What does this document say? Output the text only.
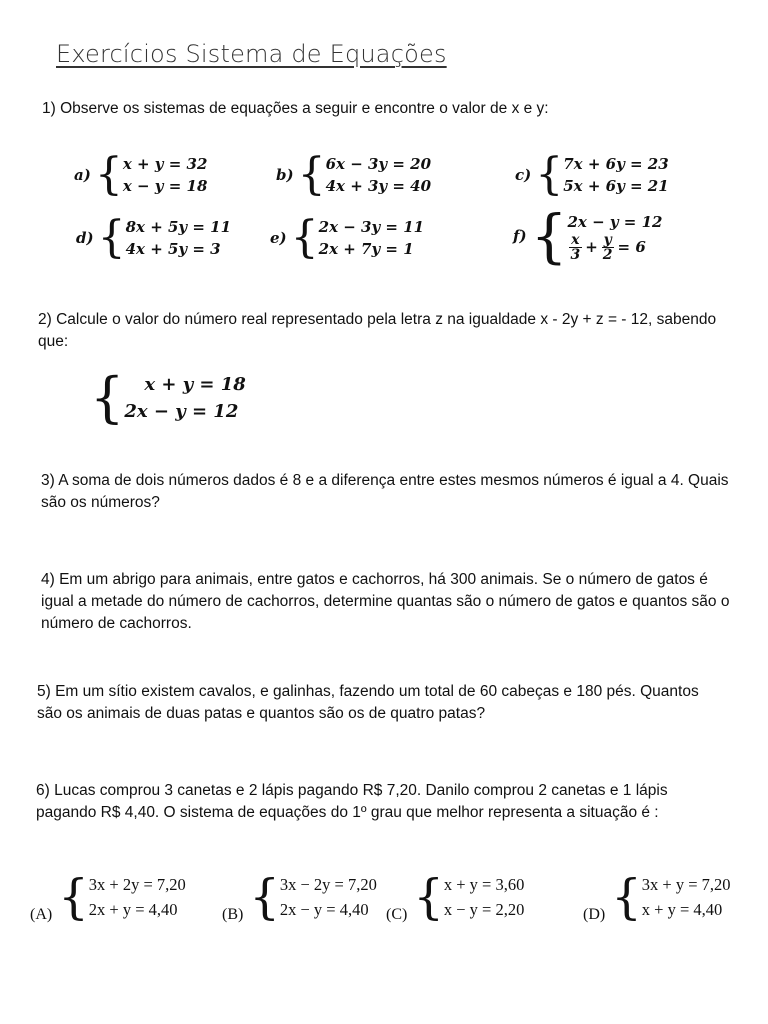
Exercícios Sistema de Equações
1) Observe os sistemas de equações a seguir e encontre o valor de x e y:
a) { x + y = 32
x − y = 18
b) { 6x − 3y = 20
4x + 3y = 40
c) { 7x + 6y = 23
5x + 6y = 21
d) { 8x + 5y = 11
4x + 5y = 3
e) { 2x − 3y = 11
2x + 7y = 1
f) { 2x − y = 12
$\frac{x}{3} + \frac{y}{2} = 6$
2) Calcule o valor do número real representado pela letra z na igualdade x - 2y + z = - 12, sabendo que:
{	x + y = 18
2x − y = 12
3) A soma de dois números dados é 8 e a diferença entre estes mesmos números é igual a 4. Quais são os números?
4) Em um abrigo para animais, entre gatos e cachorros, há 300 animais. Se o número de gatos é igual a metade do número de cachorros, determine quantas são o número de gatos e quantos são o número de cachorros.
5) Em um sítio existem cavalos, e galinhas, fazendo um total de 60 cabeças e 180 pés. Quantos são os animais de duas patas e quantos são os de quatro patas?
6) Lucas comprou 3 canetas e 2 lápis pagando R$ 7,20. Danilo comprou 2 canetas e 1 lápis pagando R$ 4,40. O sistema de equações do 1º grau que melhor representa a situação é :
(A) { 3x + 2y = 7,20
2x + y = 4,40	(B) { 3x − 2y = 7,20
2x − y = 4,40	(C) { x + y = 3,60
x − y = 2,20	(D) { 3x + y = 7,20
x + y = 4,40
